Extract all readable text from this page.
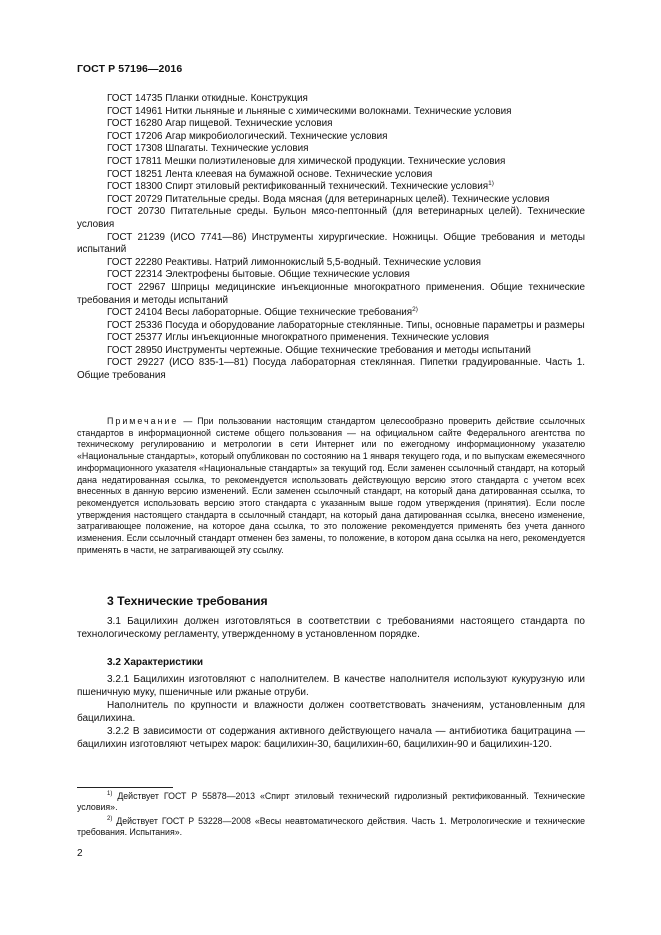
ГОСТ Р 57196—2016

ГОСТ 14735 Планки откидные. Конструкция

ГОСТ 14961 Нитки льняные и льняные с химическими волокнами. Технические условия

ГОСТ 16280 Агар пищевой. Технические условия

ГОСТ 17206 Агар микробиологический. Технические условия

ГОСТ 17308 Шпагаты. Технические условия

ГОСТ 17811 Мешки полиэтиленовые для химической продукции. Технические условия

ГОСТ 18251 Лента клеевая на бумажной основе. Технические условия

ГОСТ 18300 Спирт этиловый ректификованный технический. Технические условия$^{1)}$

ГОСТ 20729 Питательные среды. Вода мясная (для ветеринарных целей). Технические условия

ГОСТ 20730 Питательные среды. Бульон мясо-пептонный (для ветеринарных целей). Технические условия

ГОСТ 21239 (ИСО 7741—86) Инструменты хирургические. Ножницы. Общие требования и методы испытаний

ГОСТ 22280 Реактивы. Натрий лимоннокислый 5,5-водный. Технические условия

ГОСТ 22314 Электрофены бытовые. Общие технические условия

ГОСТ 22967 Шприцы медицинские инъекционные многократного применения. Общие технические требования и методы испытаний

ГОСТ 24104 Весы лабораторные. Общие технические требования$^{2)}$

ГОСТ 25336 Посуда и оборудование лабораторные стеклянные. Типы, основные параметры и размеры

ГОСТ 25377 Иглы инъекционные многократного применения. Технические условия

ГОСТ 28950 Инструменты чертежные. Общие технические требования и методы испытаний

ГОСТ 29227 (ИСО 835-1—81) Посуда лабораторная стеклянная. Пипетки градуированные. Часть 1. Общие требования

Примечание — При пользовании настоящим стандартом целесообразно проверить действие ссылочных стандартов в информационной системе общего пользования — на официальном сайте Федерального агентства по техническому регулированию и метрологии в сети Интернет или по ежегодному информационному указателю «Национальные стандарты», который опубликован по состоянию на 1 января текущего года, и по выпускам ежемесячного информационного указателя «Национальные стандарты» за текущий год. Если заменен ссылочный стандарт, на который дана недатированная ссылка, то рекомендуется использовать действующую версию этого стандарта с учетом всех внесенных в данную версию изменений. Если заменен ссылочный стандарт, на который дана датированная ссылка, то рекомендуется использовать версию этого стандарта с указанным выше годом утверждения (принятия). Если после утверждения настоящего стандарта в ссылочный стандарт, на который дана датированная ссылка, внесено изменение, затрагивающее положение, на которое дана ссылка, то это положение рекомендуется применять без учета данного изменения. Если ссылочный стандарт отменен без замены, то положение, в котором дана ссылка на него, рекомендуется применять в части, не затрагивающей эту ссылку.

3 Технические требования

3.1 Бацилихин должен изготовляться в соответствии с требованиями настоящего стандарта по технологическому регламенту, утвержденному в установленном порядке.

3.2 Характеристики

3.2.1 Бацилихин изготовляют с наполнителем. В качестве наполнителя используют кукурузную или пшеничную муку, пшеничные или ржаные отруби.

Наполнитель по крупности и влажности должен соответствовать значениям, установленным для бацилихина.

3.2.2 В зависимости от содержания активного действующего начала — антибиотика бацитрацина — бацилихин изготовляют четырех марок: бацилихин-30, бацилихин-60, бацилихин-90 и бацилихин-120.

$^{1)}$ Действует ГОСТ Р 55878—2013 «Спирт этиловый технический гидролизный ректификованный. Технические условия».

$^{2)}$ Действует ГОСТ Р 53228—2008 «Весы неавтоматического действия. Часть 1. Метрологические и технические требования. Испытания».

2
